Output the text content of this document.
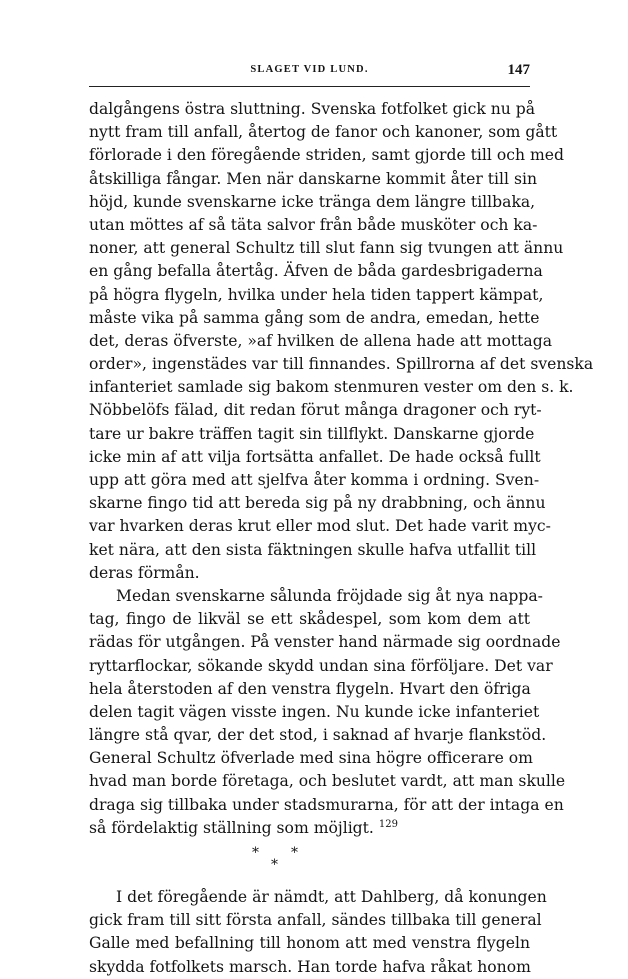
SLAGET VID LUND.	147
dalgångens östra sluttning. Svenska fotfolket gick nu på
nytt fram till anfall, återtog de fanor och kanoner, som gått
förlorade i den föregående striden, samt gjorde till och med
åtskilliga fångar. Men när danskarne kommit åter till sin
höjd, kunde svenskarne icke tränga dem längre tillbaka,
utan möttes af så täta salvor från både musköter och ka-
noner, att general Schultz till slut fann sig tvungen att ännu
en gång befalla återtåg. Äfven de båda gardesbrigaderna
på högra flygeln, hvilka under hela tiden tappert kämpat,
måste vika på samma gång som de andra, emedan, hette
det, deras öfverste, »af hvilken de allena hade att mottaga
order», ingenstädes var till finnandes. Spillrorna af det svenska
infanteriet samlade sig bakom stenmuren vester om den s. k.
Nöbbelöfs fälad, dit redan förut många dragoner och ryt-
tare ur bakre träffen tagit sin tillflykt. Danskarne gjorde
icke min af att vilja fortsätta anfallet. De hade också fullt
upp att göra med att sjelfva åter komma i ordning. Sven-
skarne fingo tid att bereda sig på ny drabbning, och ännu
var hvarken deras krut eller mod slut. Det hade varit myc-
ket nära, att den sista fäktningen skulle hafva utfallit till
deras förmån.
Medan svenskarne sålunda fröjdade sig åt nya nappa-
tag, fingo de likväl se ett skådespel, som kom dem att
rädas för utgången. På venster hand närmade sig oordnade
ryttarflockar, sökande skydd undan sina förföljare. Det var
hela återstoden af den venstra flygeln. Hvart den öfriga
delen tagit vägen visste ingen. Nu kunde icke infanteriet
längre stå qvar, der det stod, i saknad af hvarje flankstöd.
General Schultz öfverlade med sina högre officerare om
hvad man borde företaga, och beslutet vardt, att man skulle
draga sig tillbaka under stadsmurarna, för att der intaga en
så fördelaktig ställning som möjligt. $^{129}$
*
*
*
I det föregående är nämdt, att Dahlberg, då konungen
gick fram till sitt första anfall, sändes tillbaka till general
Galle med befallning till honom att med venstra flygeln
skydda fotfolkets marsch. Han torde hafva råkat honom
